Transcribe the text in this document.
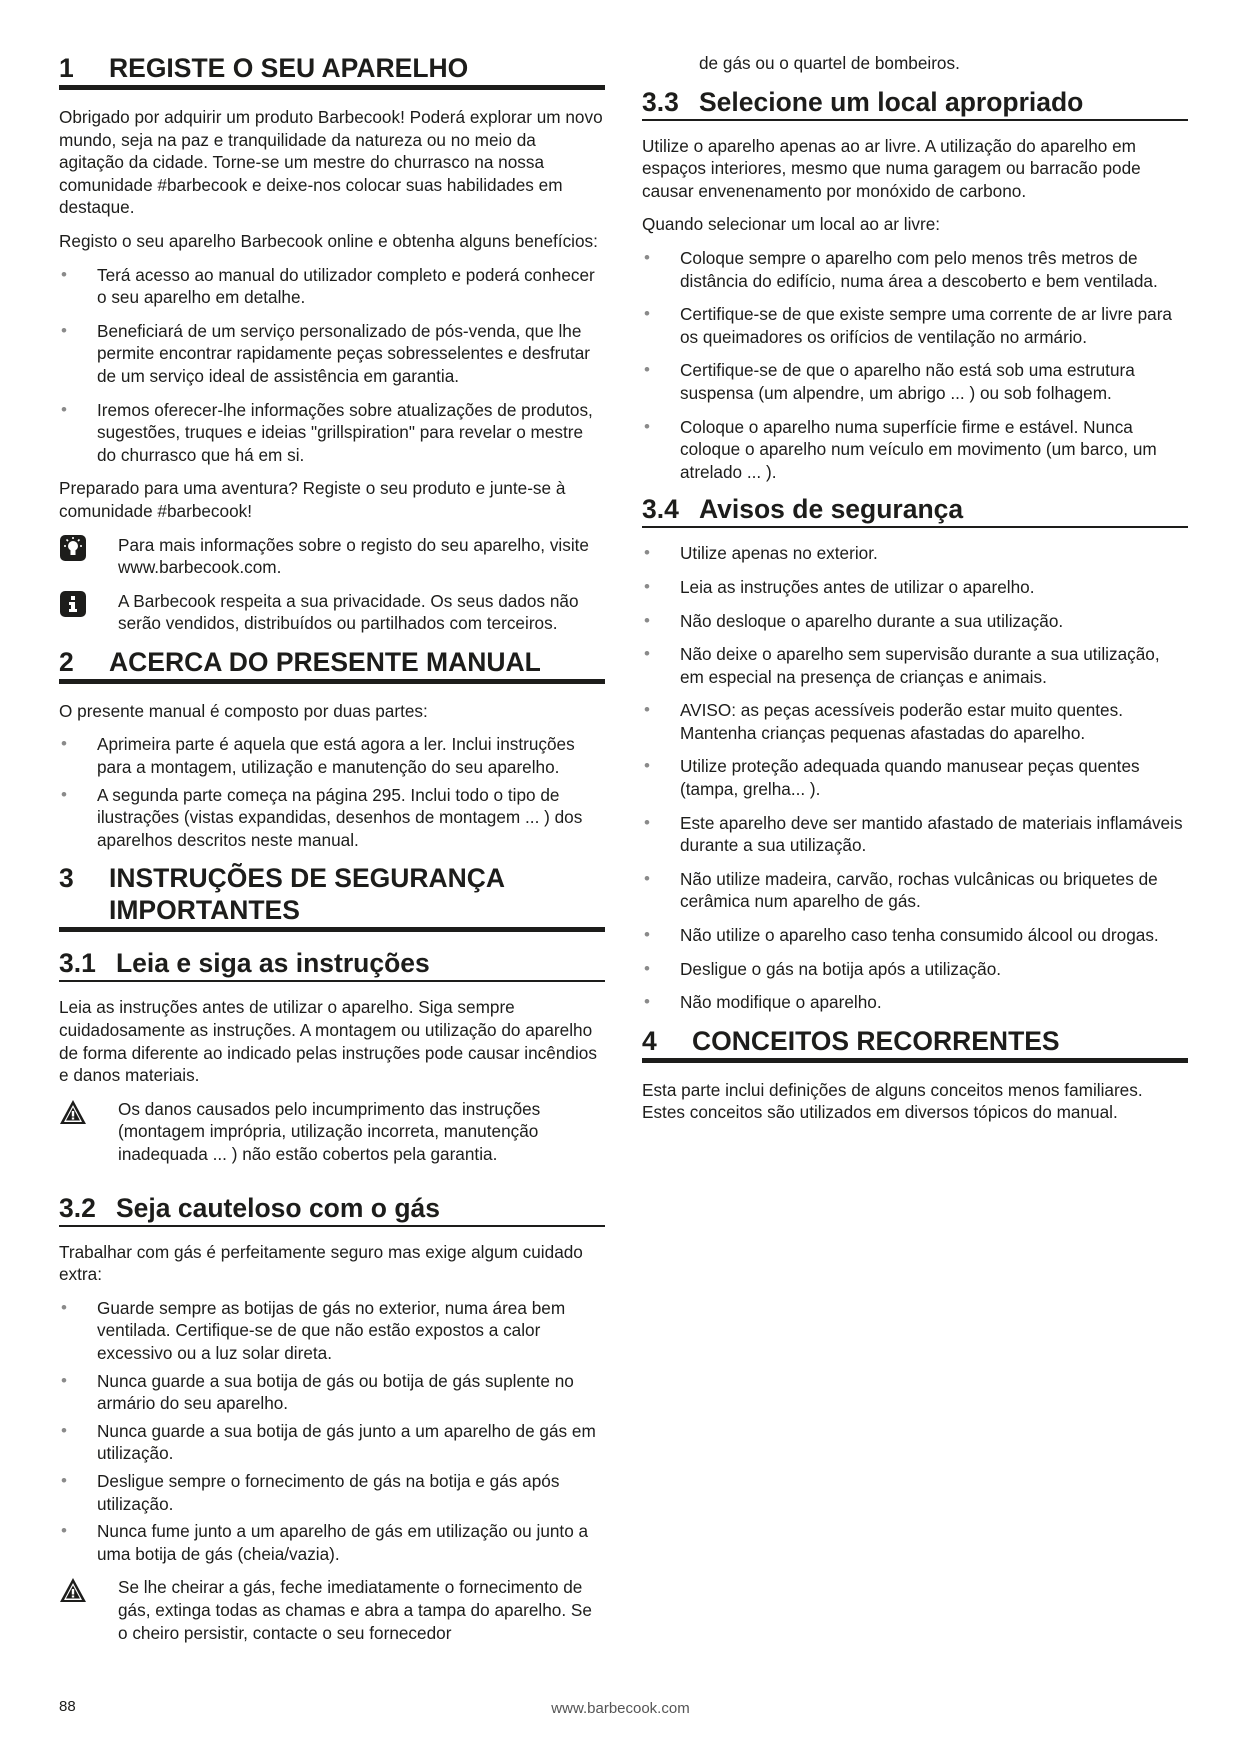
1	REGISTE O SEU APARELHO

Obrigado por adquirir um produto Barbecook! Poderá explorar um novo mundo, seja na paz e tranquilidade da natureza ou no meio da agitação da cidade. Torne-se um mestre do churrasco na nossa comunidade #barbecook e deixe-nos colocar suas habilidades em destaque.

Registo o seu aparelho Barbecook online e obtenha alguns benefícios:

• Terá acesso ao manual do utilizador completo e poderá conhecer o seu aparelho em detalhe.
• Beneficiará de um serviço personalizado de pós-venda, que lhe permite encontrar rapidamente peças sobresselentes e desfrutar de um serviço ideal de assistência em garantia.
• Iremos oferecer-lhe informações sobre atualizações de produtos, sugestões, truques e ideias "grillspiration" para revelar o mestre do churrasco que há em si.

Preparado para uma aventura? Registe o seu produto e junte-se à comunidade #barbecook!

Para mais informações sobre o registo do seu aparelho, visite www.barbecook.com.

A Barbecook respeita a sua privacidade. Os seus dados não serão vendidos, distribuídos ou partilhados com terceiros.

2	ACERCA DO PRESENTE MANUAL

O presente manual é composto por duas partes:

• Aprimeira parte é aquela que está agora a ler. Inclui instruções para a montagem, utilização e manutenção do seu aparelho.
• A segunda parte começa na página 295. Inclui todo o tipo de ilustrações (vistas expandidas, desenhos de montagem ... ) dos aparelhos descritos neste manual.
3	INSTRUÇÕES DE SEGURANÇA IMPORTANTES
3.1 Leia e siga as instruções

Leia as instruções antes de utilizar o aparelho. Siga sempre cuidadosamente as instruções. A montagem ou utilização do aparelho de forma diferente ao indicado pelas instruções pode causar incêndios e danos materiais.

Os danos causados pelo incumprimento das instruções (montagem imprópria, utilização incorreta, manutenção inadequada ... ) não estão cobertos pela garantia.

3.2 Seja cauteloso com o gás

Trabalhar com gás é perfeitamente seguro mas exige algum cuidado extra:

• Guarde sempre as botijas de gás no exterior, numa área bem ventilada. Certifique-se de que não estão expostos a calor excessivo ou a luz solar direta.
• Nunca guarde a sua botija de gás ou botija de gás suplente no armário do seu aparelho.
• Nunca guarde a sua botija de gás junto a um aparelho de gás em utilização.
• Desligue sempre o fornecimento de gás na botija e gás após utilização.
• Nunca fume junto a um aparelho de gás em utilização ou junto a uma botija de gás (cheia/vazia).

Se lhe cheirar a gás, feche imediatamente o fornecimento de gás, extinga todas as chamas e abra a tampa do aparelho. Se o cheiro persistir, contacte o seu fornecedor

de gás ou o quartel de bombeiros.

3.3 Selecione um local apropriado

Utilize o aparelho apenas ao ar livre. A utilização do aparelho em espaços interiores, mesmo que numa garagem ou barracão pode causar envenenamento por monóxido de carbono.

Quando selecionar um local ao ar livre:

• Coloque sempre o aparelho com pelo menos três metros de distância do edifício, numa área a descoberto e bem ventilada.
• Certifique-se de que existe sempre uma corrente de ar livre para os queimadores os orifícios de ventilação no armário.
• Certifique-se de que o aparelho não está sob uma estrutura suspensa (um alpendre, um abrigo ... ) ou sob folhagem.
• Coloque o aparelho numa superfície firme e estável. Nunca coloque o aparelho num veículo em movimento (um barco, um atrelado ... ).
3.4 Avisos de segurança
• Utilize apenas no exterior.
• Leia as instruções antes de utilizar o aparelho.
• Não desloque o aparelho durante a sua utilização.
• Não deixe o aparelho sem supervisão durante a sua utilização, em especial na presença de crianças e animais.
• AVISO: as peças acessíveis poderão estar muito quentes. Mantenha crianças pequenas afastadas do aparelho.
• Utilize proteção adequada quando manusear peças quentes (tampa, grelha... ).
• Este aparelho deve ser mantido afastado de materiais inflamáveis durante a sua utilização.
• Não utilize madeira, carvão, rochas vulcânicas ou briquetes de cerâmica num aparelho de gás.
• Não utilize o aparelho caso tenha consumido álcool ou drogas.
• Desligue o gás na botija após a utilização.
• Não modifique o aparelho.
4	CONCEITOS RECORRENTES

Esta parte inclui definições de alguns conceitos menos familiares. Estes conceitos são utilizados em diversos tópicos do manual.

88	www.barbecook.com
